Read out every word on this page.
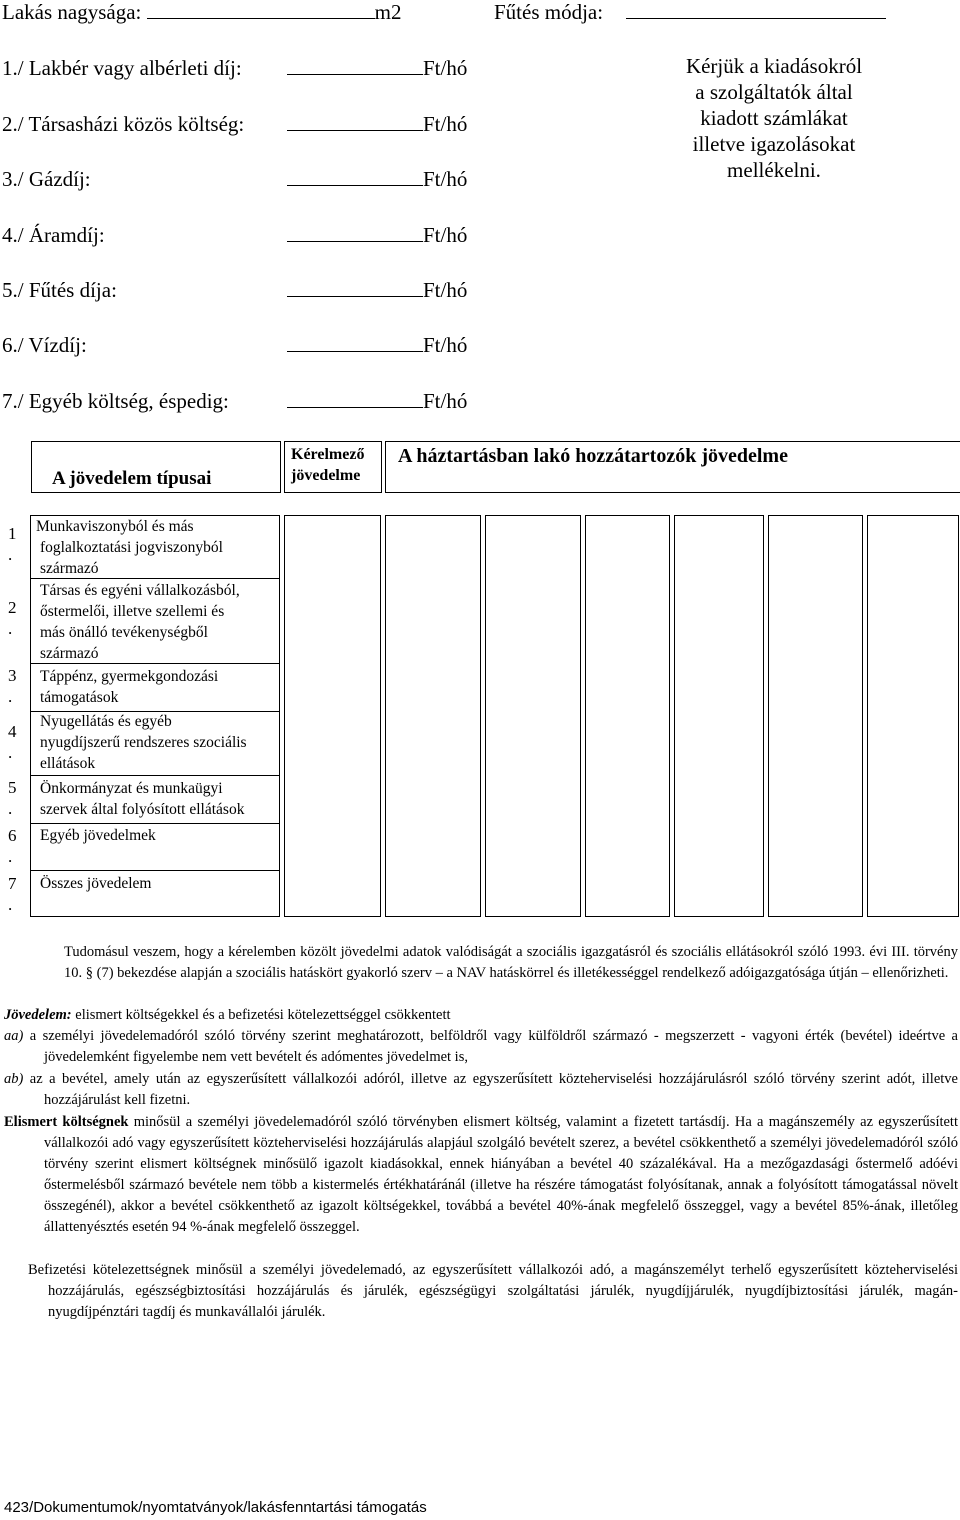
Lakás nagysága:	m2	Fűtés módja:
1./ Lakbér vagy albérleti díj:
2./ Társasházi közös költség:
3./ Gázdíj:
4./ Áramdíj:
5./ Fűtés díja:
6./ Vízdíj:
7./ Egyéb költség, éspedig:
Ft/hó
Ft/hó
Ft/hó
Ft/hó
Ft/hó
Ft/hó
Ft/hó
Kérjük a kiadásokról
a szolgáltatók által
kiadott számlákat
illetve igazolásokat
mellékelni.
A jövedelem típusai
Kérelmező
jövedelme
A háztartásban lakó hozzátartozók jövedelme
1
.
2
.
3
.
4
.
5
.
6
.
7
.
Munkaviszonyból és más
foglalkoztatási jogviszonyból
származó
Társas és egyéni vállalkozásból,
őstermelői, illetve szellemi és
más önálló tevékenységből
származó
Táppénz, gyermekgondozási
támogatások
Nyugellátás és egyéb
nyugdíjszerű rendszeres szociális
ellátások
Önkormányzat és munkaügyi
szervek által folyósított ellátások
Egyéb jövedelmek
Összes jövedelem
Tudomásul veszem, hogy a kérelemben közölt jövedelmi adatok valódiságát a szociális igazgatásról és szociális ellátásokról szóló 1993. évi III. törvény 10. § (7) bekezdése alapján a szociális hatáskört gyakorló szerv – a NAV hatáskörrel és illetékességgel rendelkező adóigazgatósága útján – ellenőrizheti.
Jövedelem: elismert költségekkel és a befizetési kötelezettséggel csökkentett
aa) a személyi jövedelemadóról szóló törvény szerint meghatározott, belföldről vagy külföldről származó - megszerzett - vagyoni érték (bevétel) ideértve a jövedelemként figyelembe nem vett bevételt és adómentes jövedelmet is,
ab) az a bevétel, amely után az egyszerűsített vállalkozói adóról, illetve az egyszerűsített közteherviselési hozzájárulásról szóló törvény szerint adót, illetve hozzájárulást kell fizetni.
Elismert költségnek minősül a személyi jövedelemadóról szóló törvényben elismert költség, valamint a fizetett tartásdíj. Ha a magánszemély az egyszerűsített vállalkozói adó vagy egyszerűsített közteherviselési hozzájárulás alapjául szolgáló bevételt szerez, a bevétel csökkenthető a személyi jövedelemadóról szóló törvény szerint elismert költségnek minősülő igazolt kiadásokkal, ennek hiányában a bevétel 40 százalékával. Ha a mezőgazdasági őstermelő adóévi őstermelésből származó bevétele nem több a kistermelés értékhatáránál (illetve ha részére támogatást folyósítanak, annak a folyósított támogatással növelt összegénél), akkor a bevétel csökkenthető az igazolt költségekkel, továbbá a bevétel 40%-ának megfelelő összeggel, vagy a bevétel 85%-ának, illetőleg állattenyésztés esetén 94 %-ának megfelelő összeggel.
Befizetési kötelezettségnek minősül a személyi jövedelemadó, az egyszerűsített vállalkozói adó, a magánszemélyt terhelő egyszerűsített közteherviselési hozzájárulás, egészségbiztosítási hozzájárulás és járulék, egészségügyi szolgáltatási járulék, nyugdíjjárulék, nyugdíjbiztosítási járulék, magán-nyugdíjpénztári tagdíj és munkavállalói járulék.
423/Dokumentumok/nyomtatványok/lakásfenntartási támogatás
